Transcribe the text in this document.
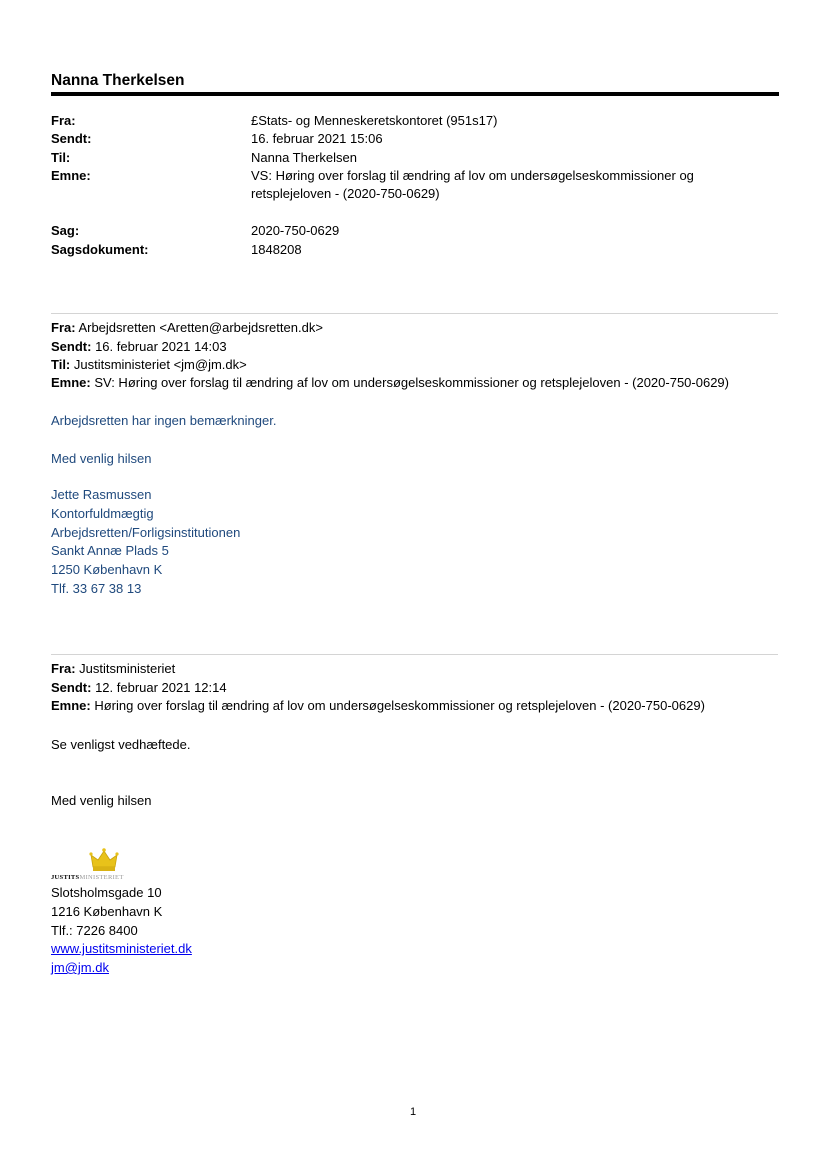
Nanna Therkelsen
Fra:	£Stats- og Menneskeretskontoret (951s17)
Sendt:	16. februar 2021 15:06
Til:	Nanna Therkelsen
Emne:	VS: Høring over forslag til ændring af lov om undersøgelseskommissioner og retsplejeloven - (2020-750-0629)
Sag:	2020-750-0629
Sagsdokument:	1848208
Fra: Arbejdsretten <Aretten@arbejdsretten.dk>
Sendt: 16. februar 2021 14:03
Til: Justitsministeriet <jm@jm.dk>
Emne: SV: Høring over forslag til ændring af lov om undersøgelseskommissioner og retsplejeloven - (2020-750-0629)
Arbejdsretten har ingen bemærkninger.
Med venlig hilsen
Jette Rasmussen
Kontorfuldmægtig
Arbejdsretten/Forligsinstitutionen
Sankt Annæ Plads 5
1250 København K
Tlf. 33 67 38 13
Fra: Justitsministeriet
Sendt: 12. februar 2021 12:14
Emne: Høring over forslag til ændring af lov om undersøgelseskommissioner og retsplejeloven - (2020-750-0629)
Se venligst vedhæftede.
Med venlig hilsen
JUSTITSMINISTERIET
Slotsholmsgade 10
1216 København K
Tlf.: 7226 8400
www.justitsministeriet.dk
jm@jm.dk
1
